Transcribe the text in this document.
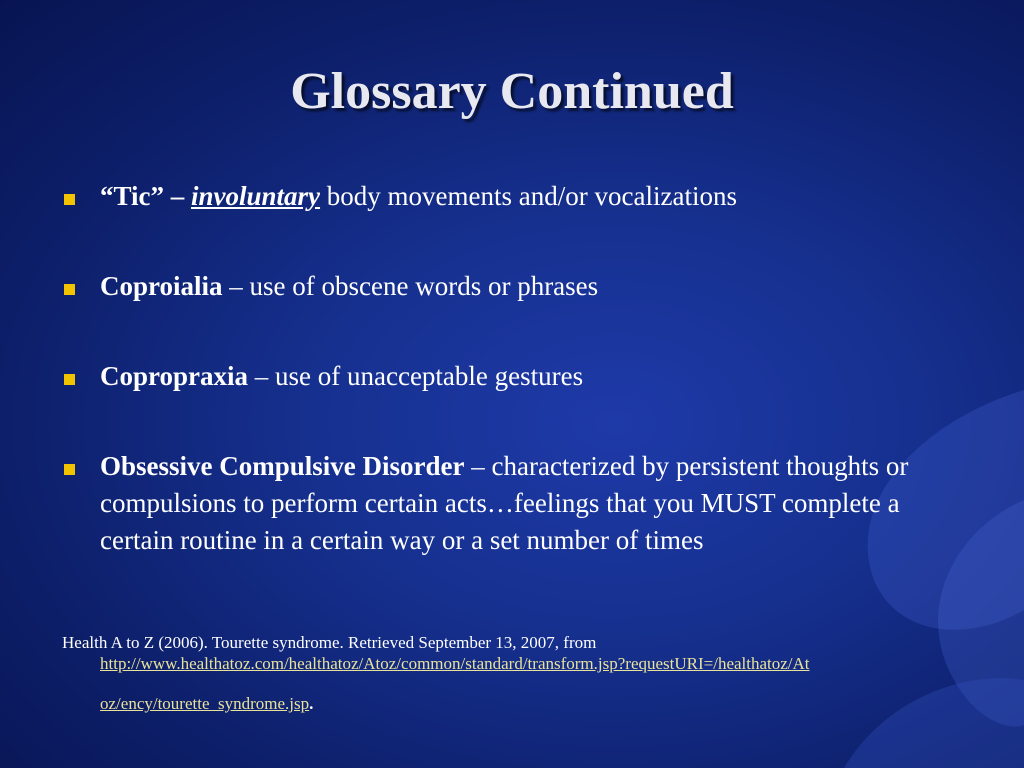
Glossary Continued
“Tic” – involuntary body movements and/or vocalizations
Coproialia – use of obscene words or phrases
Copropraxia – use of unacceptable gestures
Obsessive Compulsive Disorder – characterized by persistent thoughts or compulsions to perform certain acts…feelings that you MUST complete a certain routine in a certain way or a set number of times
Health A to Z (2006). Tourette syndrome. Retrieved September 13, 2007, from
http://www.healthatoz.com/healthatoz/Atoz/common/standard/transform.jsp?requestURI=/healthatoz/At
oz/ency/tourette_syndrome.jsp.
